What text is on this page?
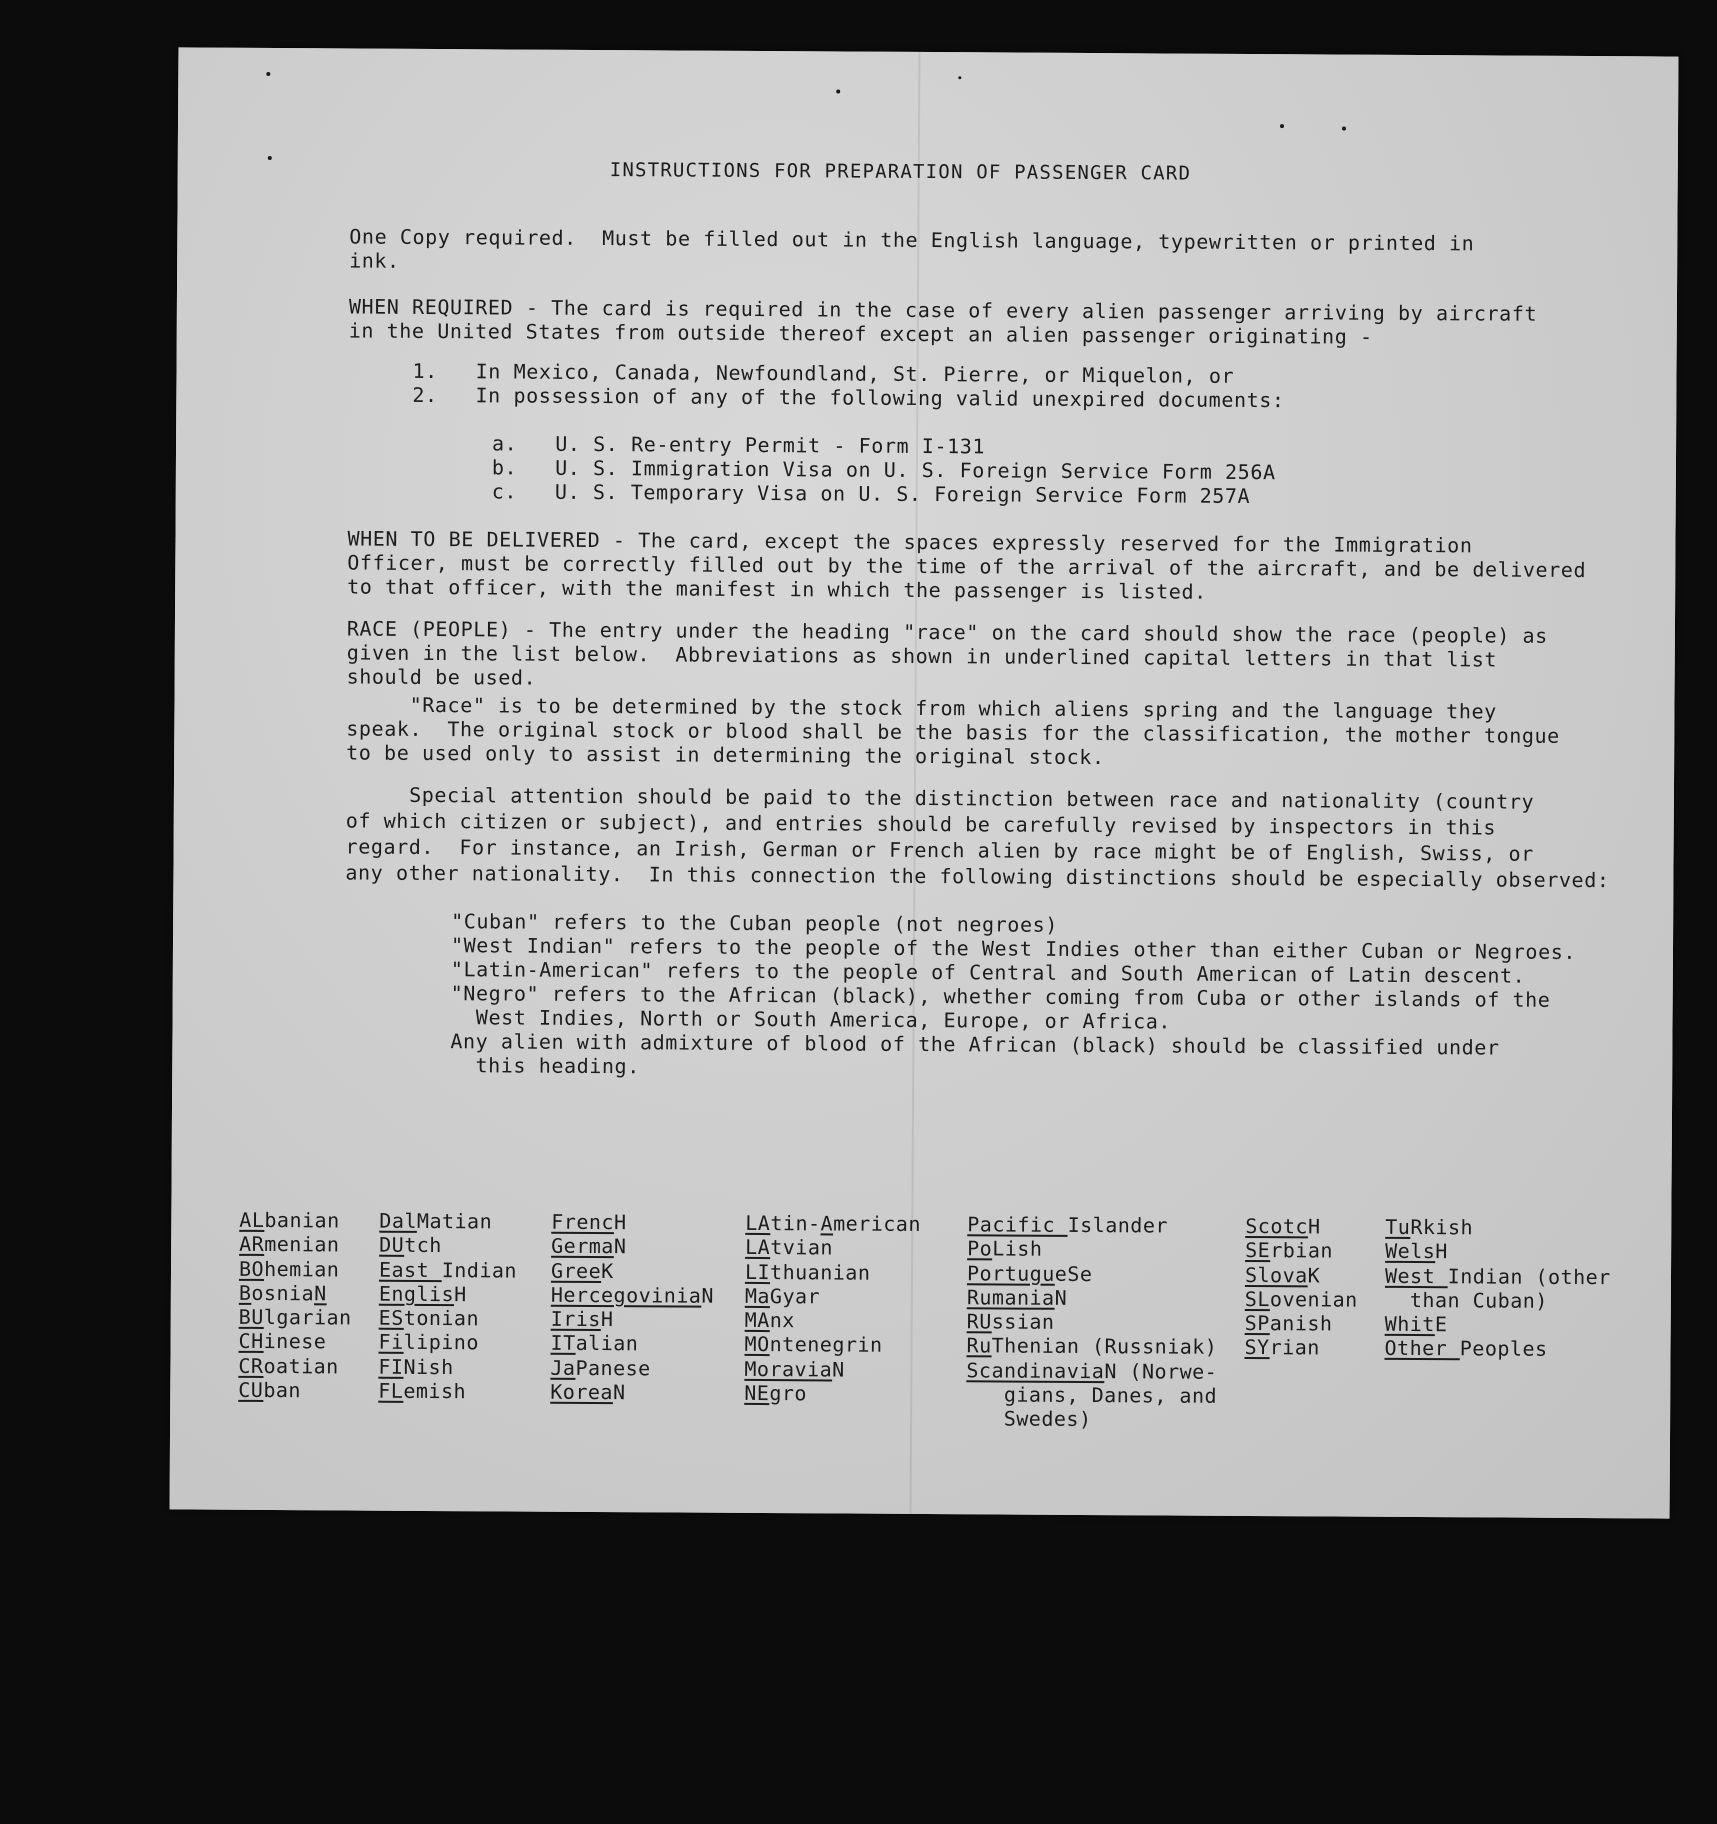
INSTRUCTIONS FOR PREPARATION OF PASSENGER CARD
One Copy required.  Must be filled out in the English language, typewritten or printed in
ink.
WHEN REQUIRED - The card is required in the case of every alien passenger arriving by aircraft
in the United States from outside thereof except an alien passenger originating -
1.   In Mexico, Canada, Newfoundland, St. Pierre, or Miquelon, or
2.   In possession of any of the following valid unexpired documents:
a.   U. S. Re-entry Permit - Form I-131
b.   U. S. Immigration Visa on U. S. Foreign Service Form 256A
c.   U. S. Temporary Visa on U. S. Foreign Service Form 257A
WHEN TO BE DELIVERED - The card, except the spaces expressly reserved for the Immigration
Officer, must be correctly filled out by the time of the arrival of the aircraft, and be delivered
to that officer, with the manifest in which the passenger is listed.
RACE (PEOPLE) - The entry under the heading "race" on the card should show the race (people) as
given in the list below.  Abbreviations as shown in underlined capital letters in that list
should be used.
"Race" is to be determined by the stock from which aliens spring and the language they
speak.  The original stock or blood shall be the basis for the classification, the mother tongue
to be used only to assist in determining the original stock.
Special attention should be paid to the distinction between race and nationality (country
of which citizen or subject), and entries should be carefully revised by inspectors in this
regard.  For instance, an Irish, German or French alien by race might be of English, Swiss, or
any other nationality.  In this connection the following distinctions should be especially observed:
"Cuban" refers to the Cuban people (not negroes)
"West Indian" refers to the people of the West Indies other than either Cuban or Negroes.
"Latin-American" refers to the people of Central and South American of Latin descent.
"Negro" refers to the African (black), whether coming from Cuba or other islands of the
West Indies, North or South America, Europe, or Africa.
Any alien with admixture of blood of the African (black) should be classified under
this heading.
ALbanian
ARmenian
BOhemian
BosniaN
BUlgarian
CHinese
CRoatian
CUban
DalMatian
DUtch
East Indian
EnglisH
EStonian
Filipino
FINish
FLemish
FrencH
GermaN
GreeK
HercegoviniaN
IrisH
ITalian
JaPanese
KoreaN
LAtin-American
LAtvian
LIthuanian
MaGyar
MAnx
MOntenegrin
MoraviaN
NEgro
Pacific Islander
PoLish
PortugueSe
RumaniaN
RUssian
RuThenian (Russniak)
ScandinaviaN (Norwe-
gians, Danes, and
Swedes)
ScotcH
SErbian
SlovaK
SLovenian
SPanish
SYrian
TuRkish
WelsH
West Indian (other
than Cuban)
WhitE
Other Peoples
